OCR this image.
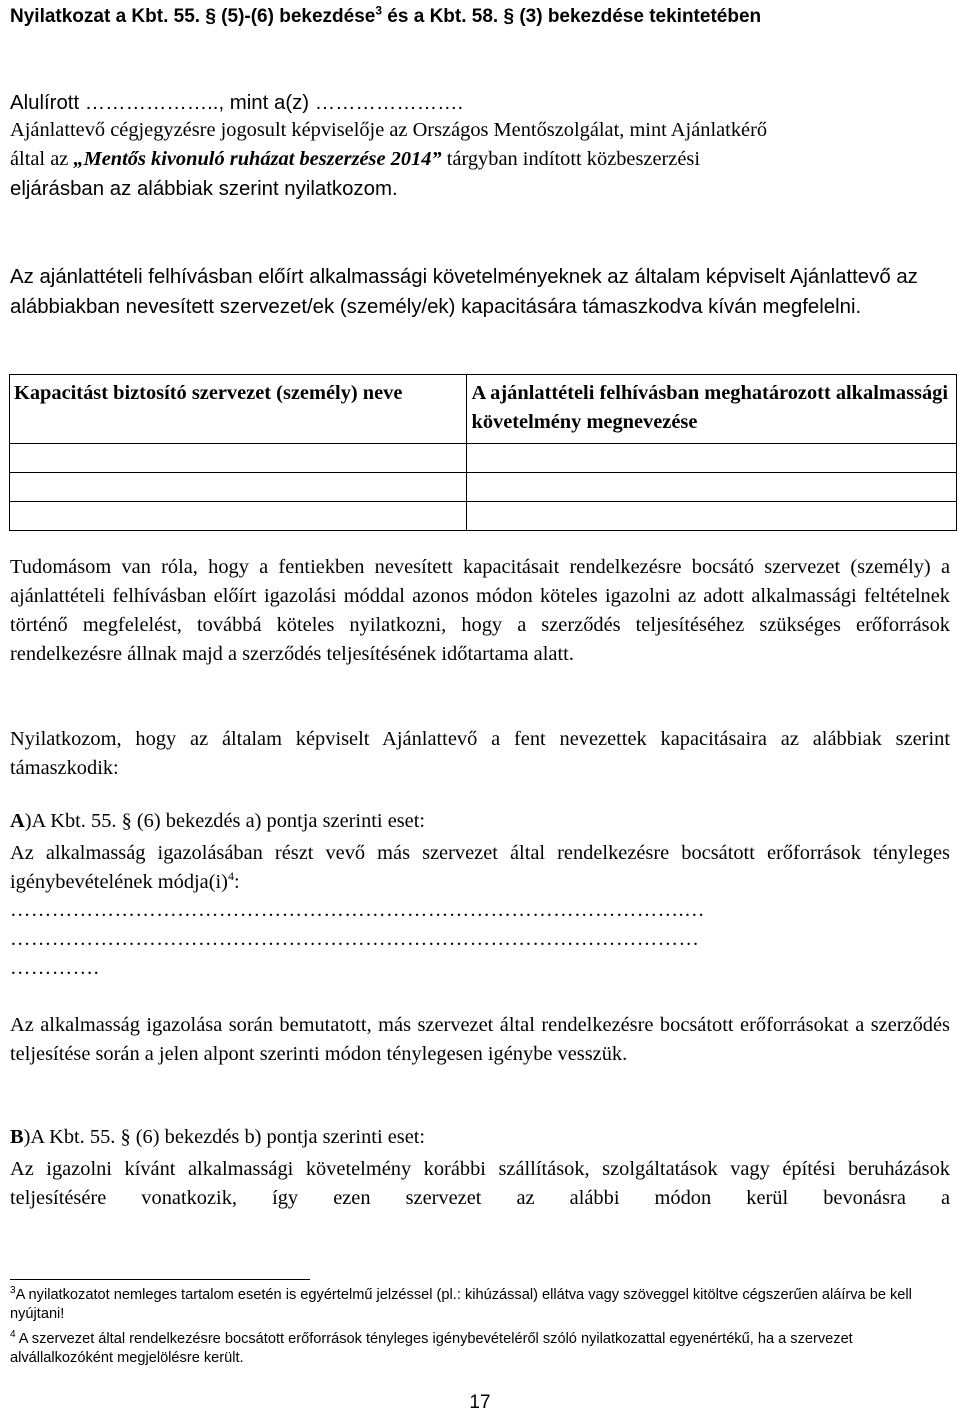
Nyilatkozat a Kbt. 55. § (5)-(6) bekezdése$^3$ és a Kbt. 58. § (3) bekezdése tekintetében
Alulírott ……………….., mint a(z) ………………….
Ajánlattevő cégjegyzésre jogosult képviselője az Országos Mentőszolgálat, mint Ajánlatkérő
által az „Mentős kivonuló ruházat beszerzése 2014” tárgyban indított közbeszerzési
eljárásban az alábbiak szerint nyilatkozom.
Az ajánlattételi felhívásban előírt alkalmassági követelményeknek az általam képviselt Ajánlattevő az alábbiakban nevesített szervezet/ek (személy/ek) kapacitására támaszkodva kíván megfelelni.
Kapacitást biztosító szervezet (személy) neve	A ajánlattételi felhívásban meghatározott alkalmassági követelmény megnevezése

Tudomásom van róla, hogy a fentiekben nevesített kapacitásait rendelkezésre bocsátó szervezet (személy) a ajánlattételi felhívásban előírt igazolási móddal azonos módon köteles igazolni az adott alkalmassági feltételnek történő megfelelést, továbbá köteles nyilatkozni, hogy a szerződés teljesítéséhez szükséges erőforrások rendelkezésre állnak majd a szerződés teljesítésének időtartama alatt.
Nyilatkozom, hogy az általam képviselt Ajánlattevő a fent nevezettek kapacitásaira az alábbiak szerint támaszkodik:
A)A Kbt. 55. § (6) bekezdés a) pontja szerinti eset:
Az alkalmasság igazolásában részt vevő más szervezet által rendelkezésre bocsátott erőforrások tényleges igénybevételének $módja(i)^4$:
…………………………………………………………………………………….…
………………………………………………………………………………………
………….
Az alkalmasság igazolása során bemutatott, más szervezet által rendelkezésre bocsátott erőforrásokat a szerződés teljesítése során a jelen alpont szerinti módon ténylegesen igénybe vesszük.
B)A Kbt. 55. § (6) bekezdés b) pontja szerinti eset:
Az igazolni kívánt alkalmassági követelmény korábbi szállítások, szolgáltatások vagy építési beruházások teljesítésére vonatkozik, így ezen szervezet az alábbi módon kerül bevonásra a
$^3$A nyilatkozatot nemleges tartalom esetén is egyértelmű jelzéssel (pl.: kihúzással) ellátva vagy szöveggel kitöltve cégszerűen aláírva be kell nyújtani!
$^4$ A szervezet által rendelkezésre bocsátott erőforrások tényleges igénybevételéről szóló nyilatkozattal egyenértékű, ha a szervezet alvállalkozóként megjelölésre került.
17
